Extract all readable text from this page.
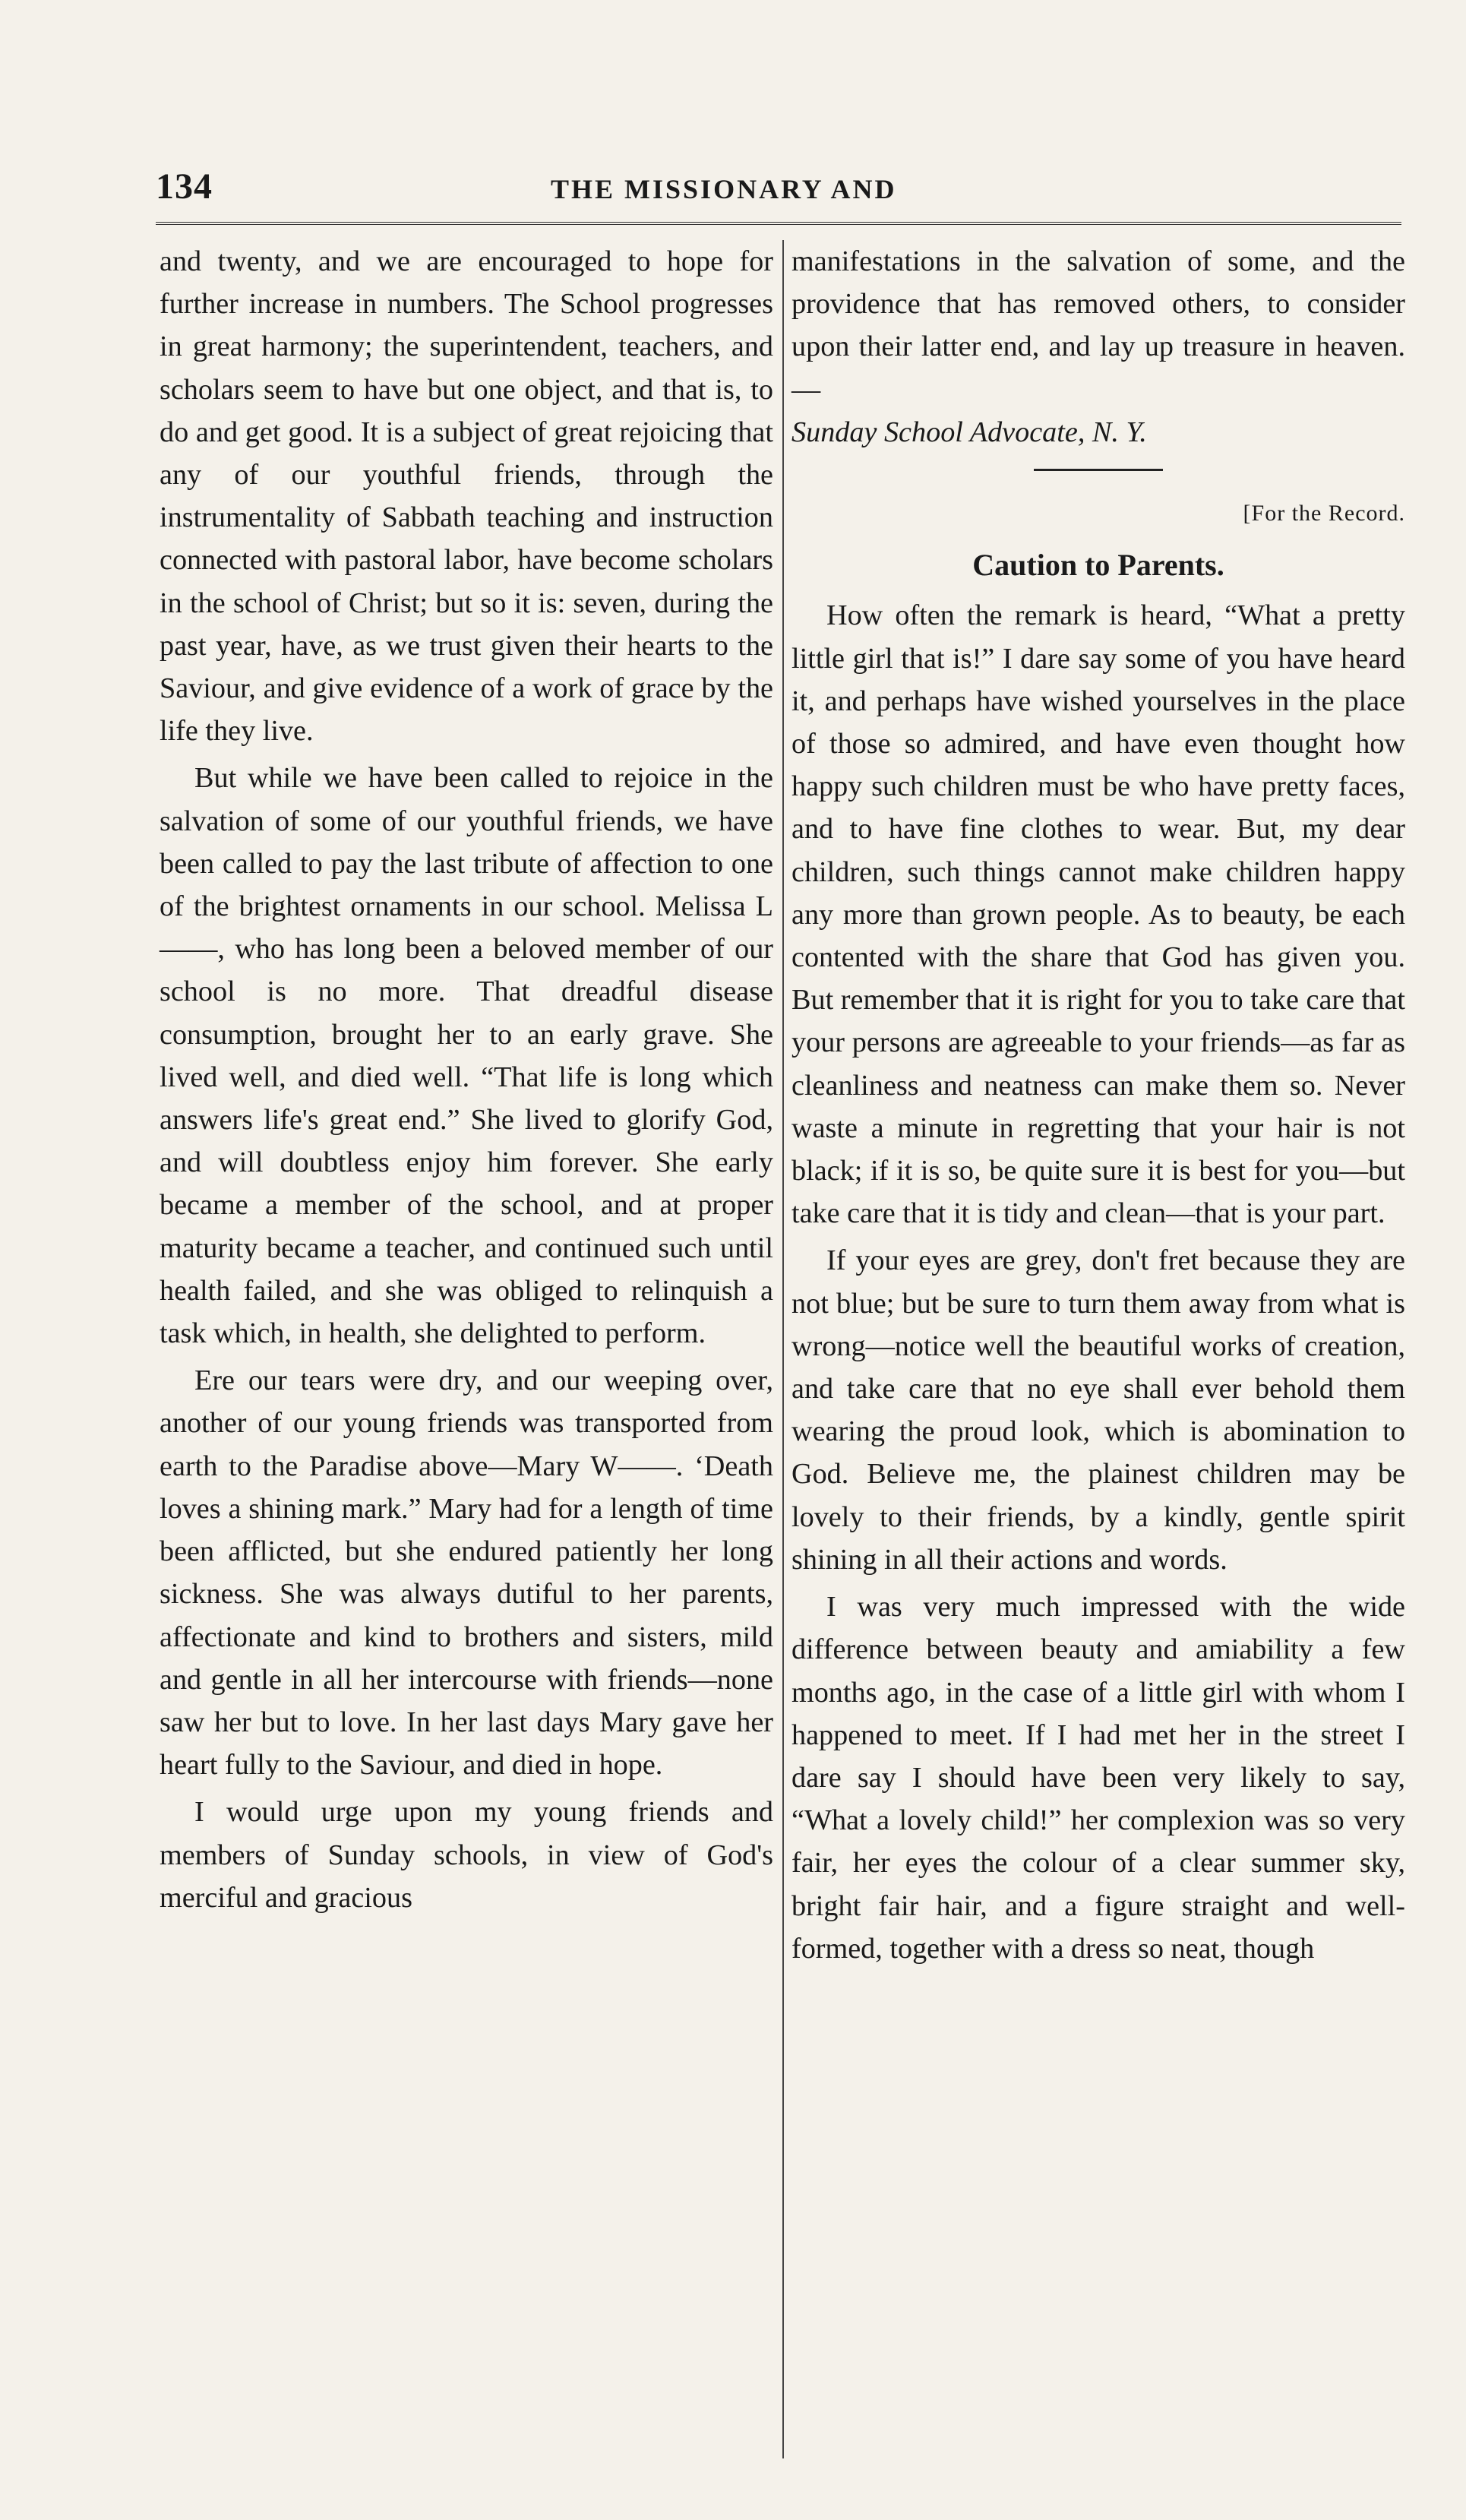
134	THE MISSIONARY AND

and twenty, and we are encouraged to hope for further increase in numbers. The School progresses in great harmony; the superintendent, teachers, and scholars seem to have but one object, and that is, to do and get good. It is a subject of great rejoicing that any of our youthful friends, through the instrumentality of Sabbath teaching and instruction connected with pastoral labor, have become scholars in the school of Christ; but so it is: seven, during the past year, have, as we trust given their hearts to the Saviour, and give evidence of a work of grace by the life they live.

But while we have been called to rejoice in the salvation of some of our youthful friends, we have been called to pay the last tribute of affection to one of the brightest ornaments in our school. Melissa L——, who has long been a beloved member of our school is no more. That dreadful disease consumption, brought her to an early grave. She lived well, and died well. “That life is long which answers life's great end.” She lived to glorify God, and will doubtless enjoy him forever. She early became a member of the school, and at proper maturity became a teacher, and continued such until health failed, and she was obliged to relinquish a task which, in health, she delighted to perform.

Ere our tears were dry, and our weeping over, another of our young friends was transported from earth to the Paradise above—Mary W——. ‘Death loves a shining mark.” Mary had for a length of time been afflicted, but she endured patiently her long sickness. She was always dutiful to her parents, affectionate and kind to brothers and sisters, mild and gentle in all her intercourse with friends—none saw her but to love. In her last days Mary gave her heart fully to the Saviour, and died in hope.

I would urge upon my young friends and members of Sunday schools, in view of God's merciful and gracious

manifestations in the salvation of some, and the providence that has removed others, to consider upon their latter end, and lay up treasure in heaven.—
Sunday School Advocate, N. Y.

[For the Record.

Caution to Parents.

How often the remark is heard, “What a pretty little girl that is!” I dare say some of you have heard it, and perhaps have wished yourselves in the place of those so admired, and have even thought how happy such children must be who have pretty faces, and to have fine clothes to wear. But, my dear children, such things cannot make children happy any more than grown people. As to beauty, be each contented with the share that God has given you. But remember that it is right for you to take care that your persons are agreeable to your friends—as far as cleanliness and neatness can make them so. Never waste a minute in regretting that your hair is not black; if it is so, be quite sure it is best for you—but take care that it is tidy and clean—that is your part.

If your eyes are grey, don't fret because they are not blue; but be sure to turn them away from what is wrong—notice well the beautiful works of creation, and take care that no eye shall ever behold them wearing the proud look, which is abomination to God. Believe me, the plainest children may be lovely to their friends, by a kindly, gentle spirit shining in all their actions and words.

I was very much impressed with the wide difference between beauty and amiability a few months ago, in the case of a little girl with whom I happened to meet. If I had met her in the street I dare say I should have been very likely to say, “What a lovely child!” her complexion was so very fair, her eyes the colour of a clear summer sky, bright fair hair, and a figure straight and well-formed, together with a dress so neat, though
